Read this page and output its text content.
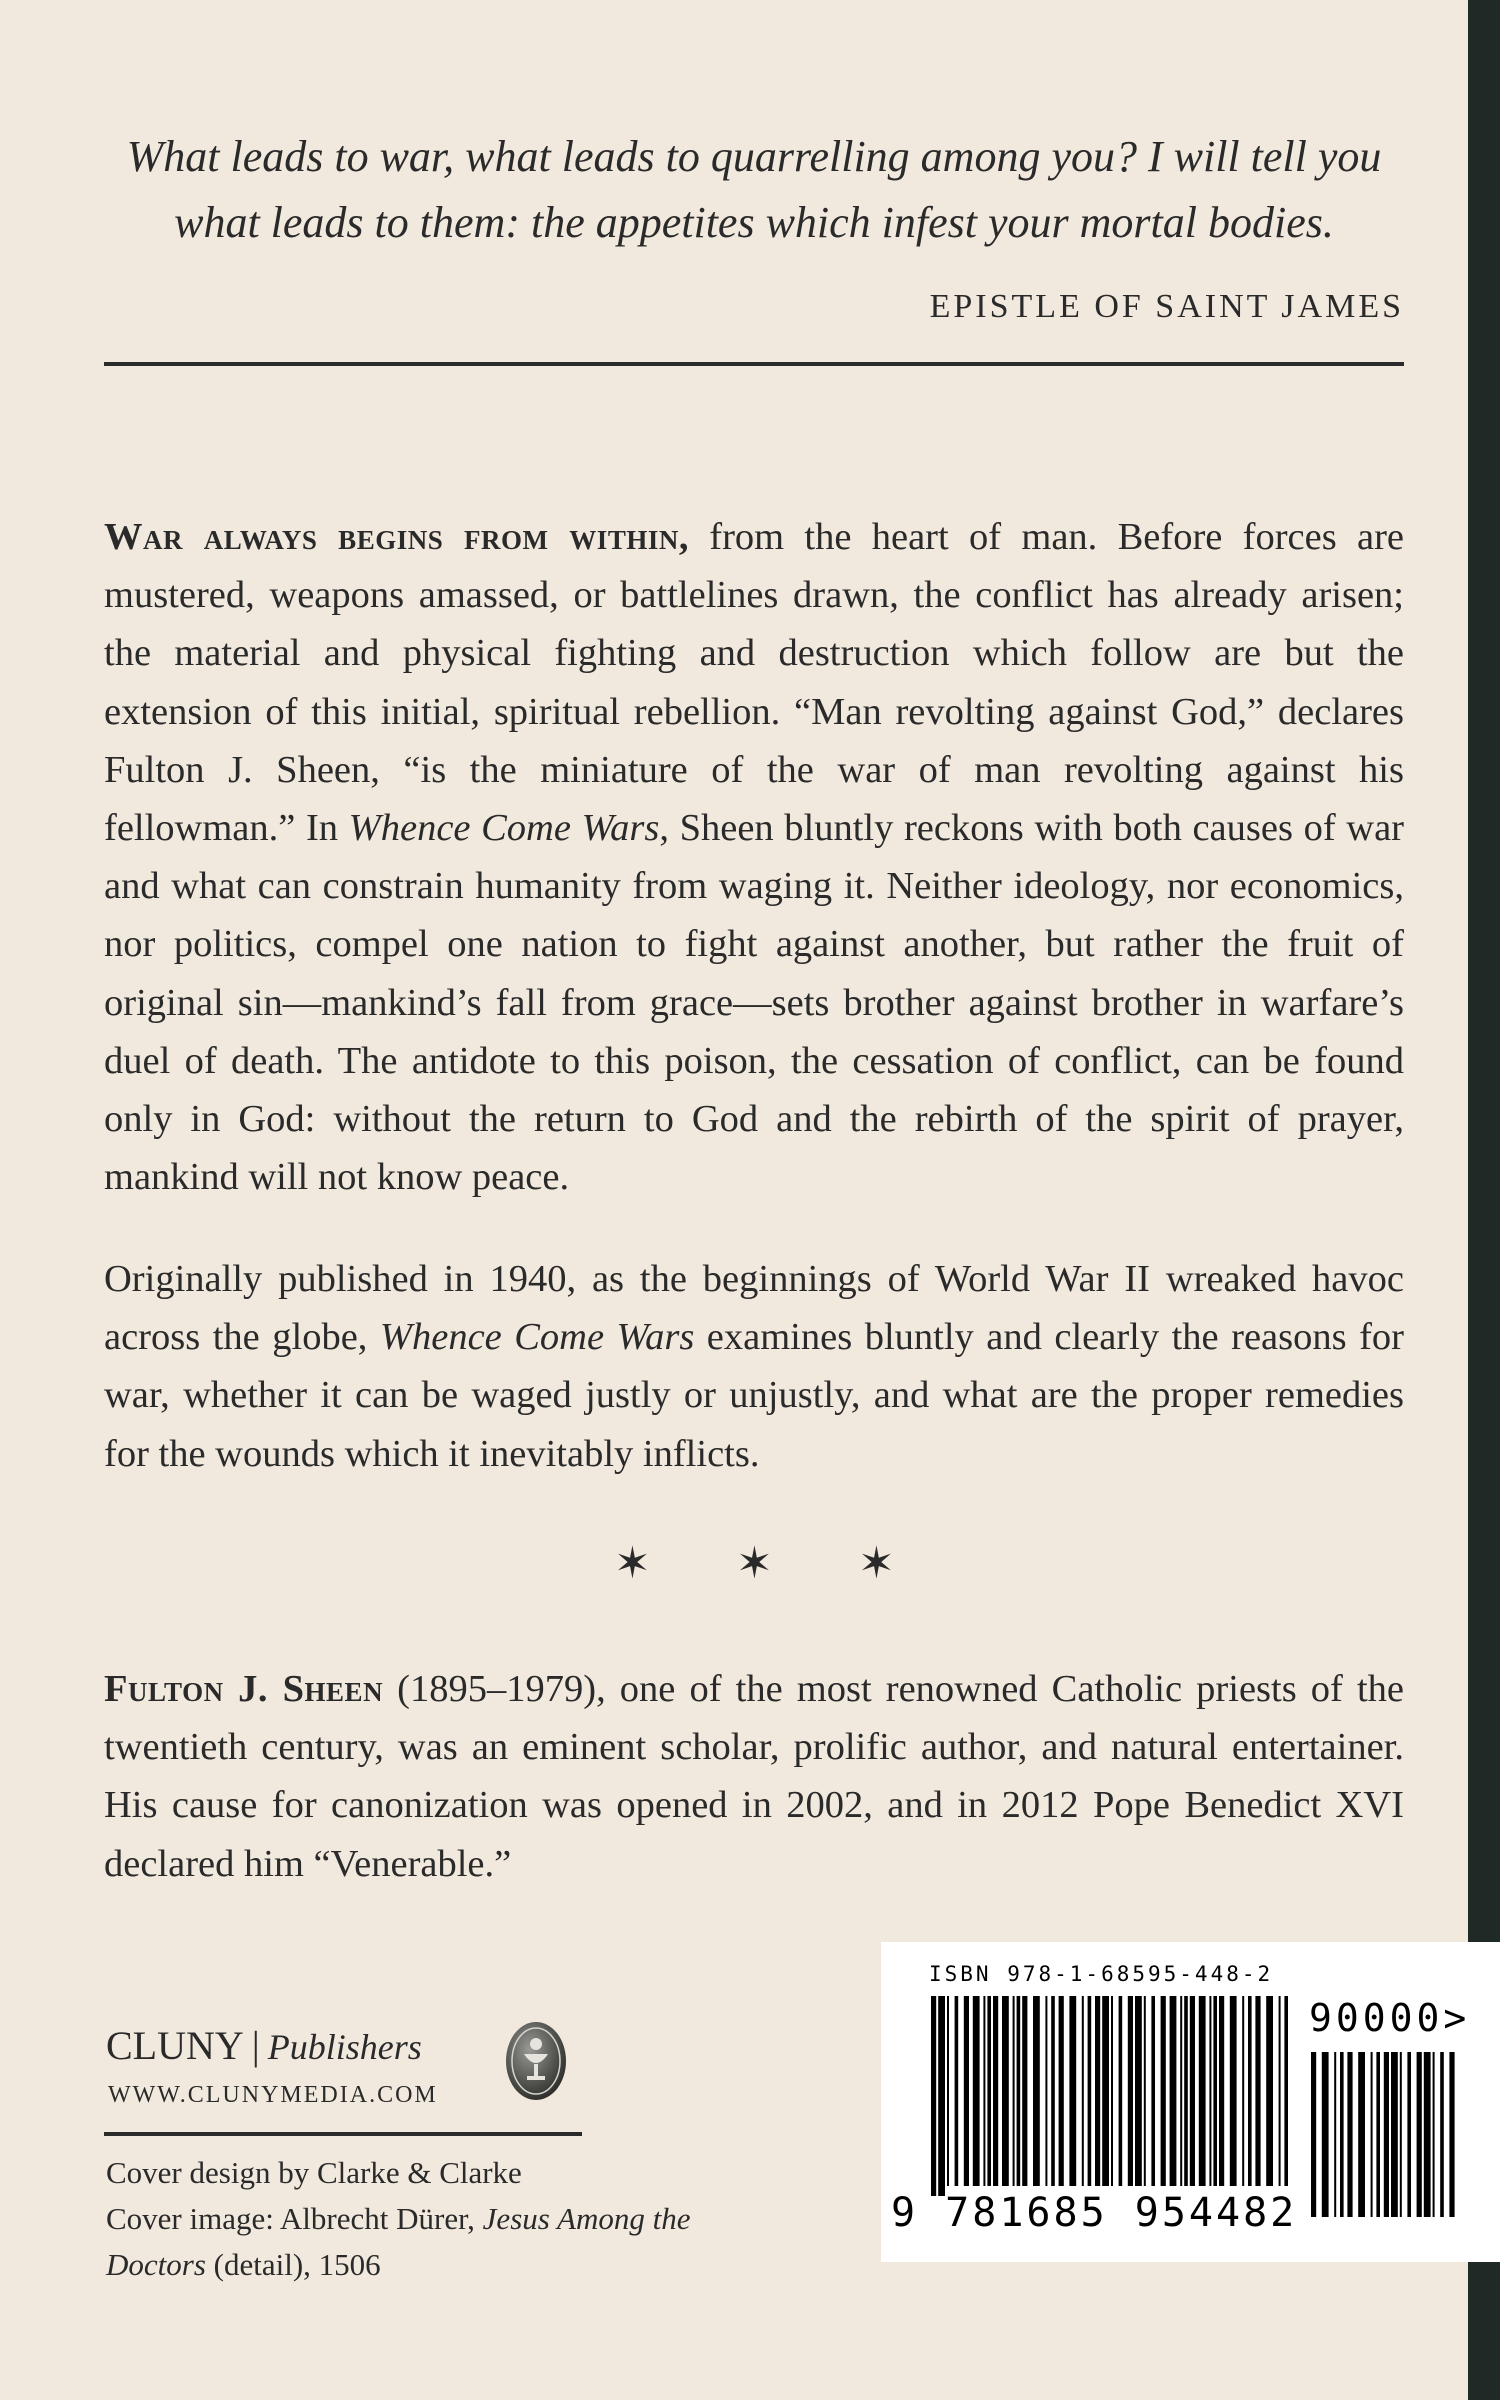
What leads to war, what leads to quarrelling among you? I will tell you
what leads to them: the appetites which infest your mortal bodies.
EPISTLE OF SAINT JAMES
War always begins from within, from the heart of man. Before forces are mustered, weapons amassed, or battlelines drawn, the conflict has already arisen; the material and physical fighting and destruction which follow are but the extension of this initial, spiritual rebellion. “Man revolting against God,” declares Fulton J. Sheen, “is the miniature of the war of man revolting against his fellowman.” In Whence Come Wars, Sheen bluntly reckons with both causes of war and what can constrain humanity from waging it. Neither ideology, nor economics, nor politics, compel one nation to fight against another, but rather the fruit of original sin—mankind’s fall from grace—sets brother against brother in warfare’s duel of death. The antidote to this poison, the cessation of conflict, can be found only in God: without the return to God and the rebirth of the spirit of prayer, mankind will not know peace.
Originally published in 1940, as the beginnings of World War II wreaked havoc across the globe, Whence Come Wars examines bluntly and clearly the reasons for war, whether it can be waged justly or unjustly, and what are the proper remedies for the wounds which it inevitably inflicts.
✶ ✶ ✶
Fulton J. Sheen (1895–1979), one of the most renowned Catholic priests of the twentieth century, was an eminent scholar, prolific author, and natural entertainer. His cause for canonization was opened in 2002, and in 2012 Pope Benedict XVI declared him “Venerable.”
CLUNY | Publishers
WWW.CLUNYMEDIA.COM
Cover design by Clarke & Clarke
Cover image: Albrecht Dürer, Jesus Among the Doctors (detail), 1506
ISBN 978-1-68595-448-2
90000>
9 781685 954482
